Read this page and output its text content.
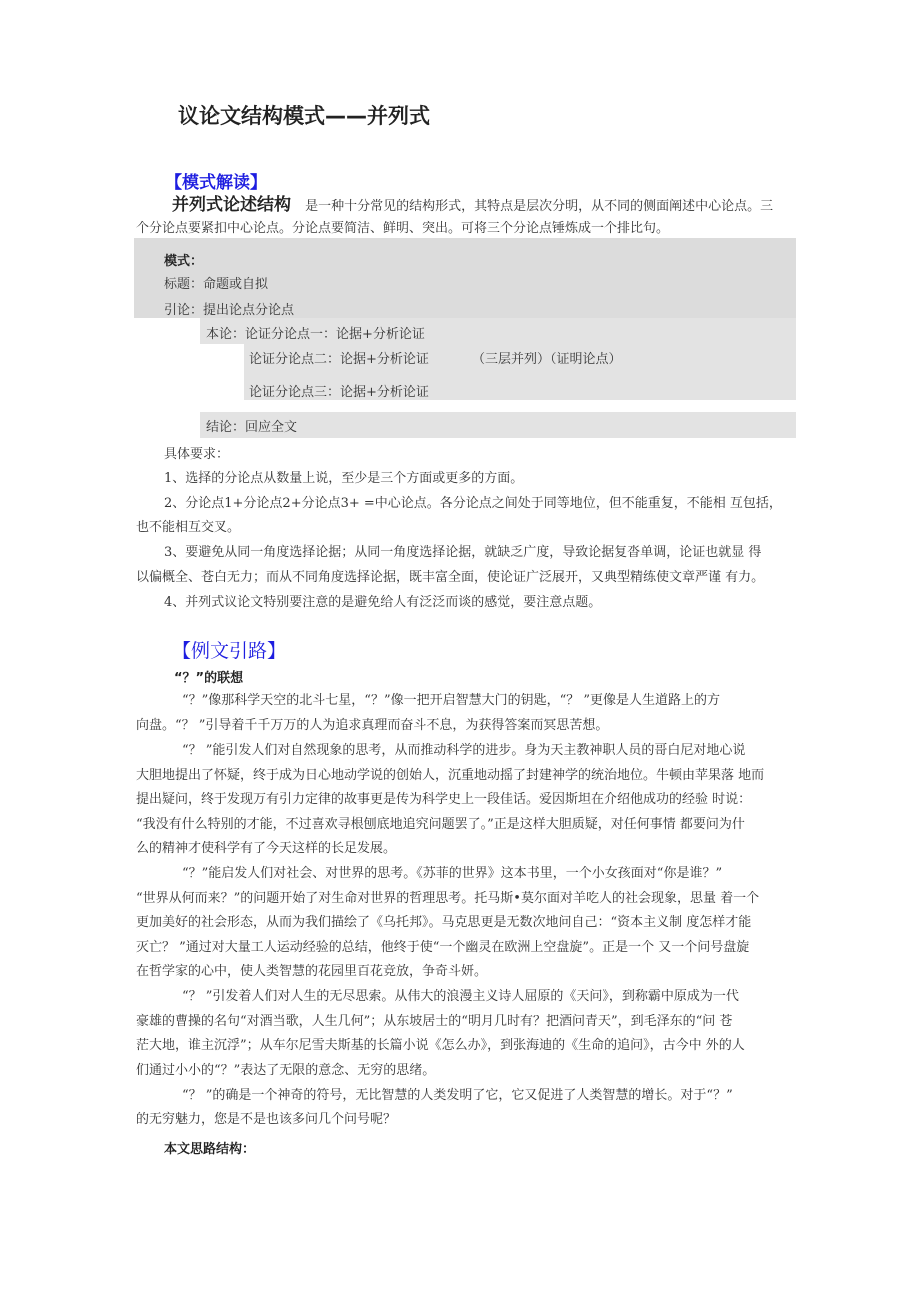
议论文结构模式——并列式
【模式解读】
并列式论述结构 是一种十分常见的结构形式，其特点是层次分明，从不同的侧面阐述中心论点。三
个分论点要紧扣中心论点。分论点要简洁、鲜明、突出。可将三个分论点锤炼成一个排比句。
模式：
标题：命题或自拟
引论：提出论点分论点
本论：论证分论点一：论据+分析论证
论证分论点二：论据+分析论证	（三层并列）（证明论点）
论证分论点三：论据+分析论证
结论：回应全文
具体要求：
1、选择的分论点从数量上说，至少是三个方面或更多的方面。
2、分论点1+分论点2+分论点3+ =中心论点。各分论点之间处于同等地位，但不能重复，不能相 互包括，
也不能相互交叉。
3、要避免从同一角度选择论据；从同一角度选择论据，就缺乏广度，导致论据复沓单调，论证也就显 得
以偏概全、苍白无力；而从不同角度选择论据，既丰富全面，使论证广泛展开，又典型精练使文章严谨 有力。
4、并列式议论文特别要注意的是避免给人有泛泛而谈的感觉，要注意点题。
【例文引路】
“？”的联想
“？”像那科学天空的北斗七星，“？”像一把开启智慧大门的钥匙，“？ ”更像是人生道路上的方
向盘。“？ ”引导着千千万万的人为追求真理而奋斗不息，为获得答案而冥思苦想。
“？ ”能引发人们对自然现象的思考，从而推动科学的进步。身为天主教神职人员的哥白尼对地心说
大胆地提出了怀疑，终于成为日心地动学说的创始人，沉重地动摇了封建神学的统治地位。牛顿由苹果落 地而
提出疑问，终于发现万有引力定律的故事更是传为科学史上一段佳话。爱因斯坦在介绍他成功的经验 时说：
“我没有什么特别的才能，不过喜欢寻根刨底地追究问题罢了。”正是这样大胆质疑，对任何事情 都要问为什
么的精神才使科学有了今天这样的长足发展。
“？”能启发人们对社会、对世界的思考。《苏菲的世界》这本书里，一个小女孩面对“你是谁？”
“世界从何而来？”的问题开始了对生命对世界的哲理思考。托马斯•莫尔面对羊吃人的社会现象，思量 着一个
更加美好的社会形态，从而为我们描绘了《乌托邦》。马克思更是无数次地问自己：“资本主义制 度怎样才能
灭亡？ ”通过对大量工人运动经验的总结，他终于使“一个幽灵在欧洲上空盘旋”。正是一个 又一个问号盘旋
在哲学家的心中，使人类智慧的花园里百花竞放，争奇斗妍。
“？ ”引发着人们对人生的无尽思索。从伟大的浪漫主义诗人屈原的《天问》，到称霸中原成为一代
豪雄的曹操的名句“对酒当歌，人生几何”；从东坡居士的“明月几时有？把酒问青天”，到毛泽东的“问 苍
茫大地，谁主沉浮”；从车尔尼雪夫斯基的长篇小说《怎么办》，到张海迪的《生命的追问》，古今中 外的人
们通过小小的“？”表达了无限的意念、无穷的思绪。
“？ ”的确是一个神奇的符号，无比智慧的人类发明了它，它又促进了人类智慧的增长。对于“？”
的无穷魅力，您是不是也该多问几个问号呢？
本文思路结构：
